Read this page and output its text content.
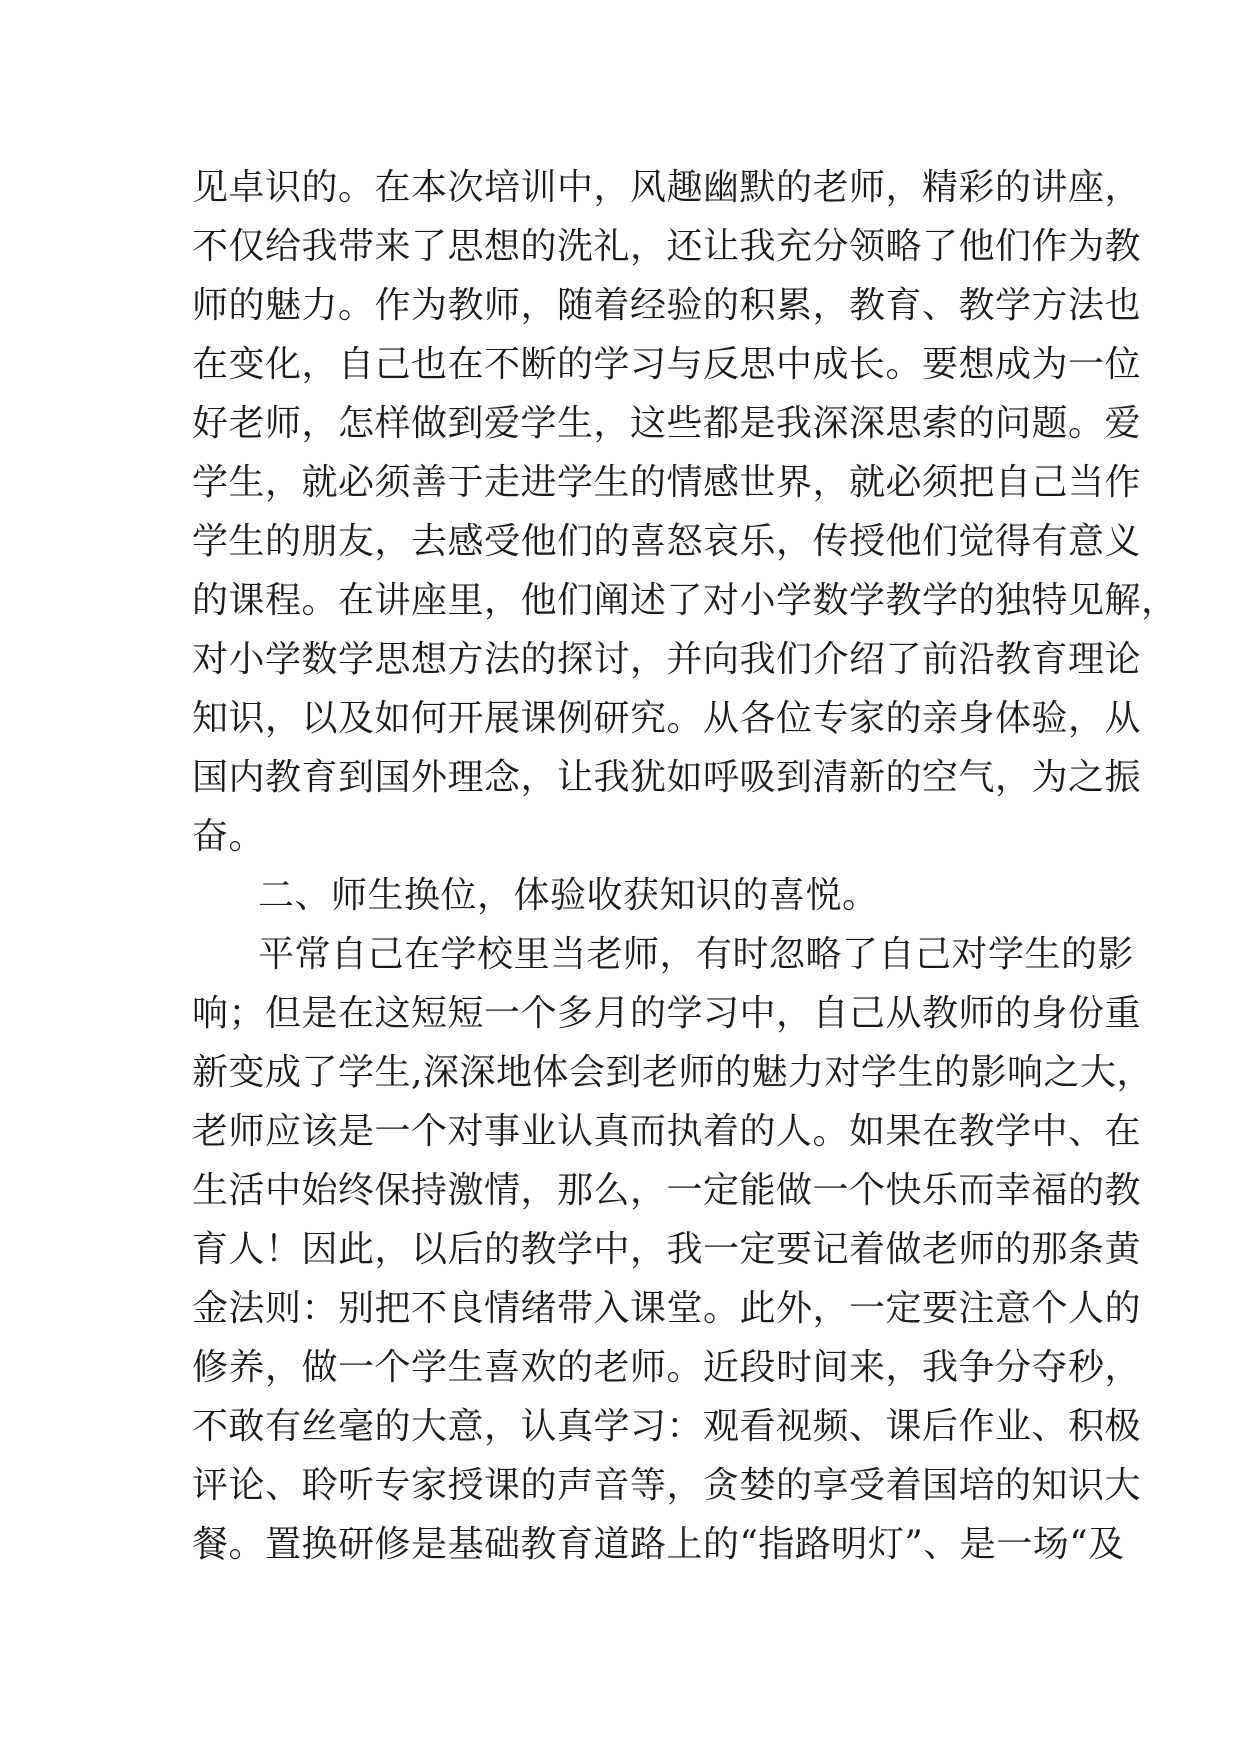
见卓识的。在本次培训中，风趣幽默的老师，精彩的讲座，
不仅给我带来了思想的洗礼，还让我充分领略了他们作为教
师的魅力。作为教师，随着经验的积累，教育、教学方法也
在变化，自己也在不断的学习与反思中成长。要想成为一位
好老师，怎样做到爱学生，这些都是我深深思索的问题。爱
学生，就必须善于走进学生的情感世界，就必须把自己当作
学生的朋友，去感受他们的喜怒哀乐，传授他们觉得有意义
的课程。在讲座里，他们阐述了对小学数学教学的独特见解，
对小学数学思想方法的探讨，并向我们介绍了前沿教育理论
知识，以及如何开展课例研究。从各位专家的亲身体验，从
国内教育到国外理念，让我犹如呼吸到清新的空气，为之振
奋。
二、师生换位，体验收获知识的喜悦。
平常自己在学校里当老师，有时忽略了自己对学生的影
响；但是在这短短一个多月的学习中，自己从教师的身份重
新变成了学生,深深地体会到老师的魅力对学生的影响之大，
老师应该是一个对事业认真而执着的人。如果在教学中、在
生活中始终保持激情，那么，一定能做一个快乐而幸福的教
育人！因此，以后的教学中，我一定要记着做老师的那条黄
金法则：别把不良情绪带入课堂。此外，一定要注意个人的
修养，做一个学生喜欢的老师。近段时间来，我争分夺秒，
不敢有丝毫的大意，认真学习：观看视频、课后作业、积极
评论、聆听专家授课的声音等，贪婪的享受着国培的知识大
餐。置换研修是基础教育道路上的“指路明灯”、是一场“及
